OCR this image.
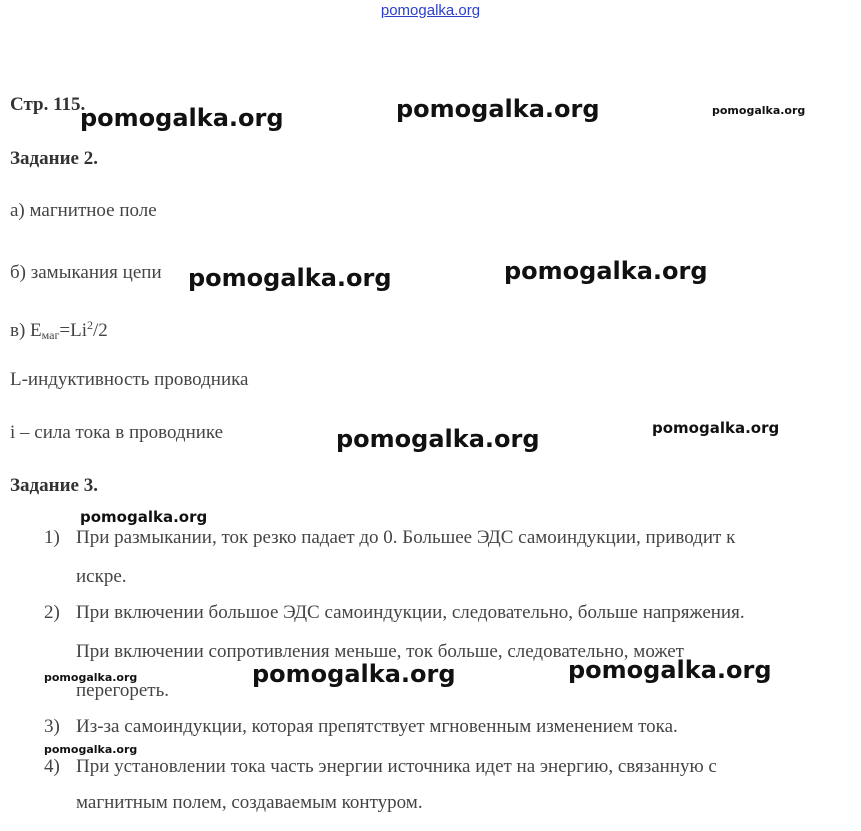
pomogalka.org
Стр. 115.
Задание 2.
а) магнитное поле
б) замыкания цепи
в) $E_{маг}=Li^2/2$
L-индуктивность проводника
i – сила тока в проводнике
Задание 3.
1) При размыкании, ток резко падает до 0. Большее ЭДС самоиндукции, приводит к
искре.
2) При включении большое ЭДС самоиндукции, следовательно, больше напряжения.
При включении сопротивления меньше, ток больше, следовательно, может
перегореть.
3) Из-за самоиндукции, которая препятствует мгновенным изменением тока.
4) При установлении тока часть энергии источника идет на энергию, связанную с
магнитным полем, создаваемым контуром.
pomogalka.org	pomogalka.org	pomogalka.org
pomogalka.org	pomogalka.org
pomogalka.org	pomogalka.org
pomogalka.org
pomogalka.org	pomogalka.org	pomogalka.org
pomogalka.org
